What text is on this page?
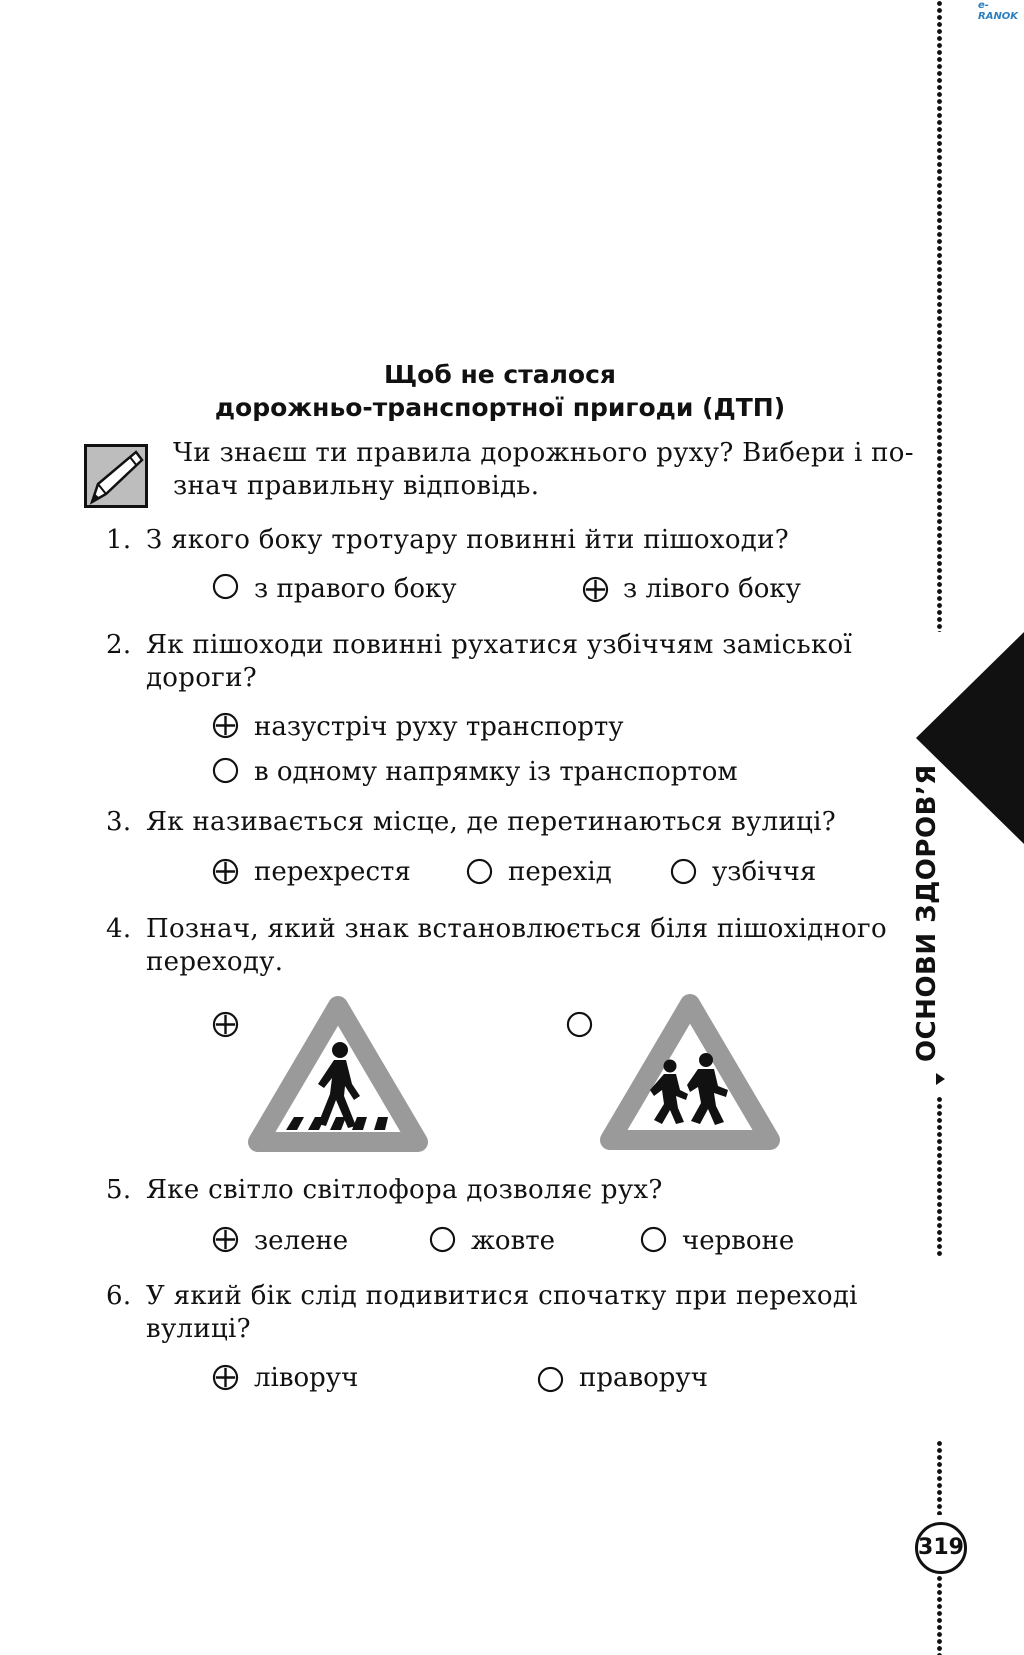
e-RANOK
Щоб не сталося
дорожньо-транспортної пригоди (ДТП)
Чи знаєш ти правила дорожнього руху? Вибери і по-
знач правильну відповідь.
1. З якого боку тротуару повинні йти пішоходи?
з правого боку	з лівого боку
2. Як пішоходи повинні рухатися узбіччям заміської
дороги?
назустріч руху транспорту
в одному напрямку із транспортом
3. Як називається місце, де перетинаються вулиці?
перехрестя	перехід	узбіччя
4. Познач, який знак встановлюється біля пішохідного
переходу.
5. Яке світло світлофора дозволяє рух?
зелене	жовте	червоне
6. У який бік слід подивитися спочатку при переході
вулиці?
ліворуч	праворуч
ОСНОВИ ЗДОРОВ’Я
319
